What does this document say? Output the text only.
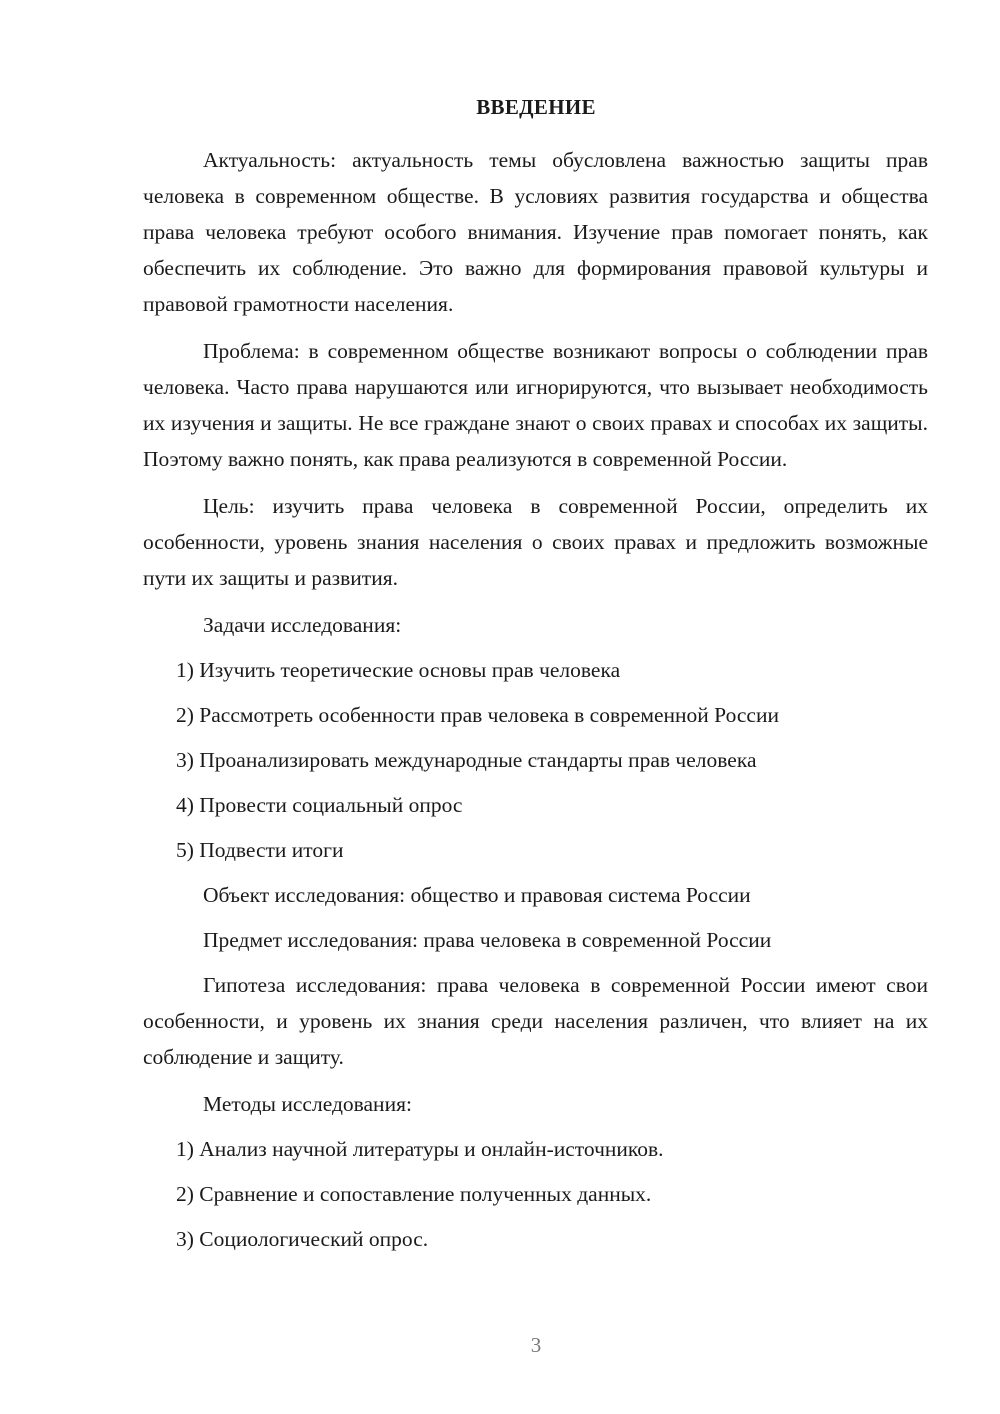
ВВЕДЕНИЕ

Актуальность: актуальность темы обусловлена важностью защиты прав человека в современном обществе. В условиях развития государства и общества права человека требуют особого внимания. Изучение прав помогает понять, как обеспечить их соблюдение. Это важно для формирования правовой культуры и правовой грамотности населения.

Проблема: в современном обществе возникают вопросы о соблюдении прав человека. Часто права нарушаются или игнорируются, что вызывает необходимость их изучения и защиты. Не все граждане знают о своих правах и способах их защиты. Поэтому важно понять, как права реализуются в современной России.

Цель: изучить права человека в современной России, определить их особенности, уровень знания населения о своих правах и предложить возможные пути их защиты и развития.

Задачи исследования:
1) Изучить теоретические основы прав человека
2) Рассмотреть особенности прав человека в современной России
3) Проанализировать международные стандарты прав человека
4) Провести социальный опрос
5) Подвести итоги
Объект исследования: общество и правовая система России
Предмет исследования: права человека в современной России

Гипотеза исследования: права человека в современной России имеют свои особенности, и уровень их знания среди населения различен, что влияет на их соблюдение и защиту.

Методы исследования:
1) Анализ научной литературы и онлайн-источников.
2) Сравнение и сопоставление полученных данных.
3) Социологический опрос.
3
